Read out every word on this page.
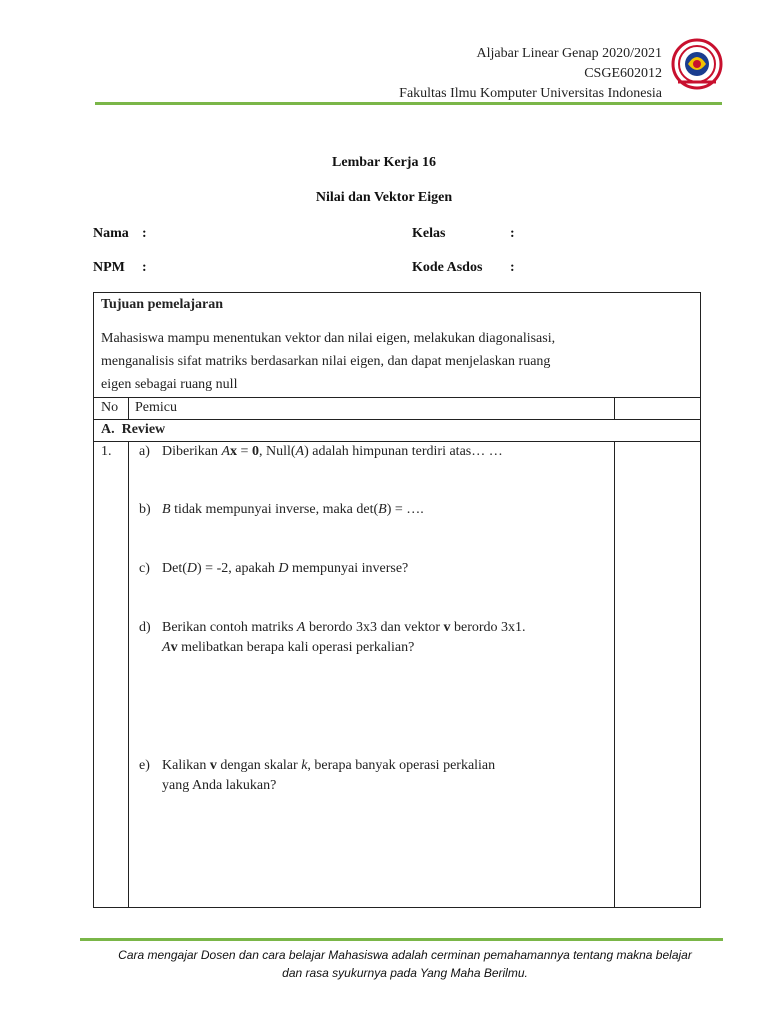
Aljabar Linear Genap 2020/2021
CSGE602012
Fakultas Ilmu Komputer Universitas Indonesia
Lembar Kerja 16
Nilai dan Vektor Eigen
Nama :	Kelas	:
NPM :	Kode Asdos :
Tujuan pemelajaran
Mahasiswa mampu menentukan vektor dan nilai eigen, melakukan diagonalisasi,
menganalisis sifat matriks berdasarkan nilai eigen, dan dapat menjelaskan ruang
eigen sebagai ruang null
No Pemicu
A.  Review
1. a) Diberikan Ax = 0, Null(A) adalah himpunan terdiri atas… …
b) B tidak mempunyai inverse, maka det(B) = ….
c) Det(D) = -2, apakah D mempunyai inverse?
d) Berikan contoh matriks A berordo 3x3 dan vektor v berordo 3x1.
Av melibatkan berapa kali operasi perkalian?
e) Kalikan v dengan skalar k, berapa banyak operasi perkalian
yang Anda lakukan?
Cara mengajar Dosen dan cara belajar Mahasiswa adalah cerminan pemahamannya tentang makna belajar
dan rasa syukurnya pada Yang Maha Berilmu.
